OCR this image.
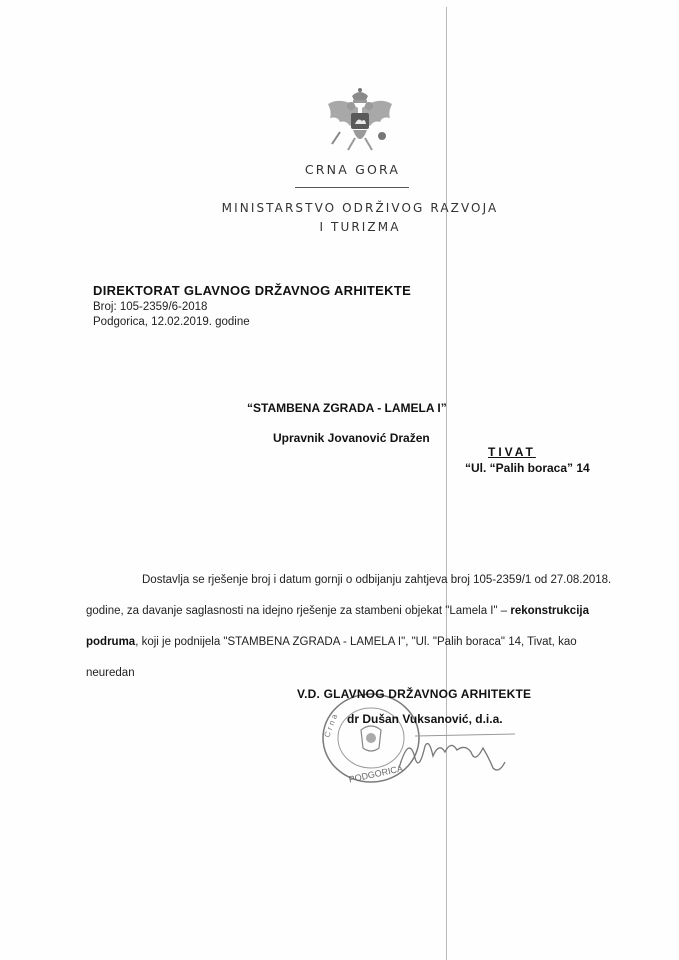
CRNA GORA
MINISTARSTVO ODRŽIVOG RAZVOJA
I TURIZMA
DIREKTORAT GLAVNOG DRŽAVNOG ARHITEKTE
Broj: 105-2359/6-2018
Podgorica, 12.02.2019. godine
“STAMBENA ZGRADA - LAMELA I”
Upravnik Jovanović Dražen
TIVAT
“Ul. “Palih boraca” 14

Dostavlja se rješenje broj i datum gornji o odbijanju zahtjeva broj 105-2359/1 od 27.08.2018.

godine, za davanje saglasnosti na idejno rješenje za stambeni objekat "Lamela I" – rekonstrukcija

podruma, koji je podnijela "STAMBENA ZGRADA - LAMELA I", "Ul. "Palih boraca" 14, Tivat, kao

neuredan

C r n a
PODGORICA
V.D. GLAVNOG DRŽAVNOG ARHITEKTE
dr Dušan Vuksanović, d.i.a.
